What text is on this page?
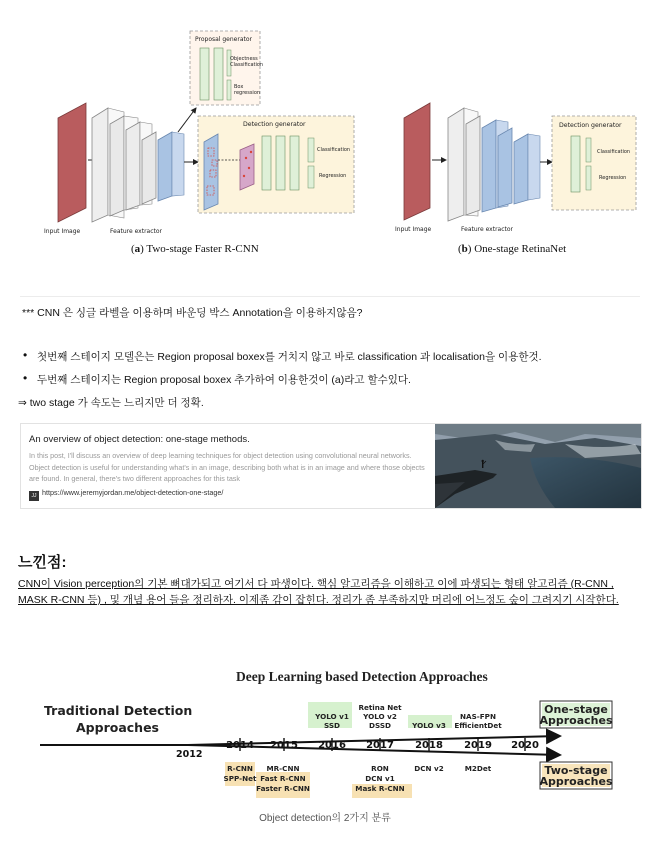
Proposal generator
Objectness Classification
Box regression
Detection generator
Classification
Regression
Input Image	Feature extractor
Detection generator
Classification
Regression
Input Image	Feature extractor
(a) Two-stage Faster R-CNN	(b) One-stage RetinaNet
*** CNN 은 싱글 라벨을 이용하며 바운딩 박스 Annotation을 이용하지않음?
• 첫번째 스테이지 모델은는 Region proposal boxex를 거치지 않고 바로 classification 과 localisation을 이용한것.
• 두번째 스테이지는 Region proposal boxex 추가하여 이용한것이 (a)라고 할수있다.
⇒ two stage 가 속도는 느리지만 더 정확.
An overview of object detection: one-stage methods.
In this post, I'll discuss an overview of deep learning techniques for object detection using convolutional neural networks. Object detection is useful for understanding what's in an image, describing both what is in an image and where those objects are found. In general, there's two different approaches for this task
JJ https://www.jeremyjordan.me/object-detection-one-stage/
느낀점:
CNN이 Vision perception의 기본 뼈대가되고 여기서 다 파생이다. 핵심 알고리즘을 이해하고 이에 파생되는 형태 알고리즘 (R-CNN , MASK R-CNN 등) , 및 개념 용어 들을 정리하자. 이제좀 감이 잡힌다. 정리가 좀 부족하지만 머리에 어느정도 숲이 그려지기 시작한다.
Deep Learning based Detection Approaches
Traditional Detection Approaches
2012
2014 2015 2016 2017 2018 2019 2020
One-stage Approaches
Two-stage Approaches
YOLO v1 SSD
Retina Net YOLO v2 DSSD	YOLO v3
NAS-FPN EfficientDet
R-CNN SPP-Net
MR-CNN Fast R-CNN Faster R-CNN
RON DCN v1 Mask R-CNN
DCN v2	M2Det
Object detection의 2가지 분류
